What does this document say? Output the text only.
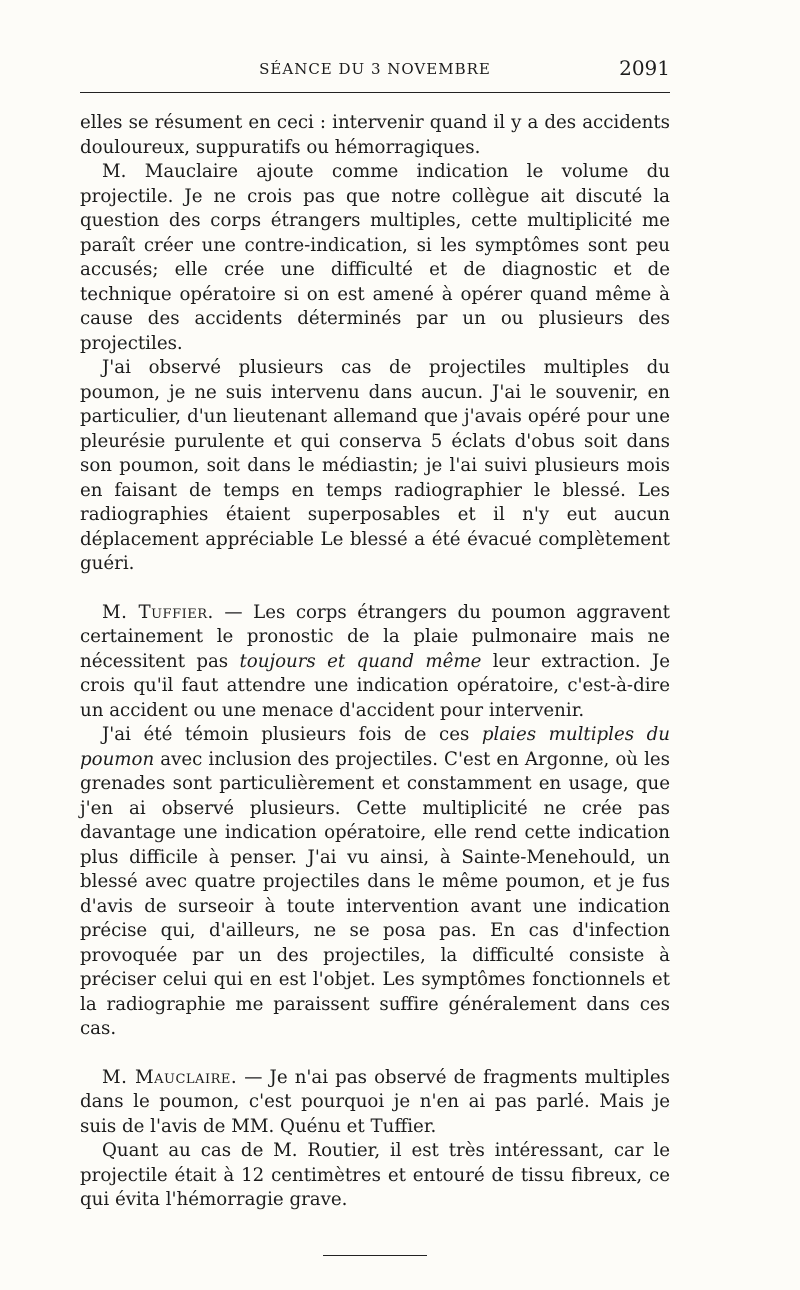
SÉANCE DU 3 NOVEMBRE	2091

elles se résument en ceci : intervenir quand il y a des accidents douloureux, suppuratifs ou hémorragiques.

M. Mauclaire ajoute comme indication le volume du projectile. Je ne crois pas que notre collègue ait discuté la question des corps étrangers multiples, cette multiplicité me paraît créer une contre-indication, si les symptômes sont peu accusés; elle crée une difficulté et de diagnostic et de technique opératoire si on est amené à opérer quand même à cause des accidents déterminés par un ou plusieurs des projectiles.

J'ai observé plusieurs cas de projectiles multiples du poumon, je ne suis intervenu dans aucun. J'ai le souvenir, en particulier, d'un lieutenant allemand que j'avais opéré pour une pleurésie purulente et qui conserva 5 éclats d'obus soit dans son poumon, soit dans le médiastin; je l'ai suivi plusieurs mois en faisant de temps en temps radiographier le blessé. Les radiographies étaient superposables et il n'y eut aucun déplacement appréciable Le blessé a été évacué complètement guéri.

M. Tuffier. — Les corps étrangers du poumon aggravent certainement le pronostic de la plaie pulmonaire mais ne nécessitent pas toujours et quand même leur extraction. Je crois qu'il faut attendre une indication opératoire, c'est-à-dire un accident ou une menace d'accident pour intervenir.

J'ai été témoin plusieurs fois de ces plaies multiples du poumon avec inclusion des projectiles. C'est en Argonne, où les grenades sont particulièrement et constamment en usage, que j'en ai observé plusieurs. Cette multiplicité ne crée pas davantage une indication opératoire, elle rend cette indication plus difficile à penser. J'ai vu ainsi, à Sainte-Menehould, un blessé avec quatre projectiles dans le même poumon, et je fus d'avis de surseoir à toute intervention avant une indication précise qui, d'ailleurs, ne se posa pas. En cas d'infection provoquée par un des projectiles, la difficulté consiste à préciser celui qui en est l'objet. Les symptômes fonctionnels et la radiographie me paraissent suffire généralement dans ces cas.

M. Mauclaire. — Je n'ai pas observé de fragments multiples dans le poumon, c'est pourquoi je n'en ai pas parlé. Mais je suis de l'avis de MM. Quénu et Tuffier.

Quant au cas de M. Routier, il est très intéressant, car le projectile était à 12 centimètres et entouré de tissu fibreux, ce qui évita l'hémorragie grave.
